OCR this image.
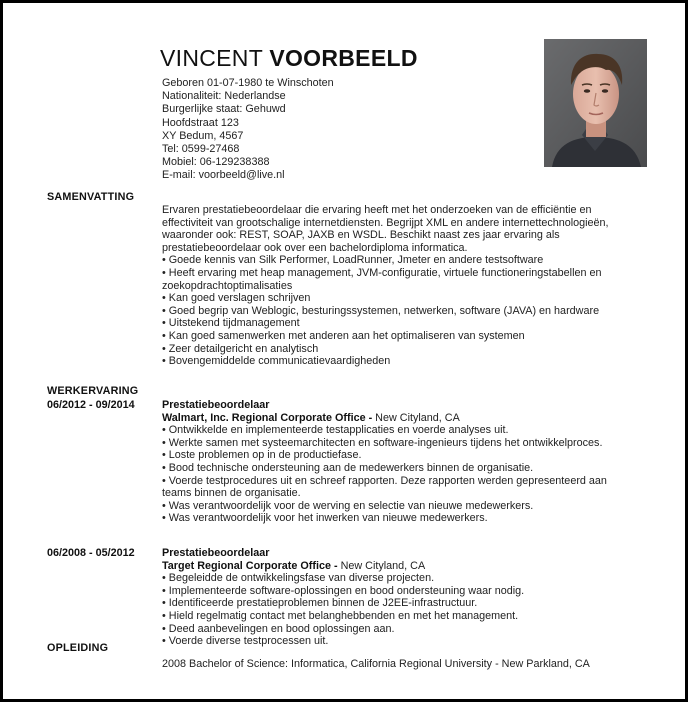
VINCENT VOORBEELD
Geboren 01-07-1980 te Winschoten
Nationaliteit: Nederlandse
Burgerlijke staat: Gehuwd
Hoofdstraat 123
XY Bedum, 4567
Tel: 0599-27468
Mobiel: 06-129238388
E-mail: voorbeeld@live.nl
SAMENVATTING

Ervaren prestatiebeoordelaar die ervaring heeft met het onderzoeken van de efficiëntie en effectiviteit van grootschalige internetdiensten. Begrijpt XML en andere internettechnologieën, waaronder ook: REST, SOAP, JAXB en WSDL. Beschikt naast zes jaar ervaring als prestatiebeoordelaar ook over een bachelordiploma informatica.

• Goede kennis van Silk Performer, LoadRunner, Jmeter en andere testsoftware
• Heeft ervaring met heap management, JVM-configuratie, virtuele functioneringstabellen en zoekopdrachtoptimalisaties
• Kan goed verslagen schrijven
• Goed begrip van Weblogic, besturingssystemen, netwerken, software (JAVA) en hardware
• Uitstekend tijdmanagement
• Kan goed samenwerken met anderen aan het optimaliseren van systemen
• Zeer detailgericht en analytisch
• Bovengemiddelde communicatievaardigheden
WERKERVARING
06/2012 - 09/2014	Prestatiebeoordelaar
Walmart, Inc. Regional Corporate Office - New Cityland, CA
• Ontwikkelde en implementeerde testapplicaties en voerde analyses uit.
• Werkte samen met systeemarchitecten en software-ingenieurs tijdens het ontwikkelproces.
• Loste problemen op in de productiefase.
• Bood technische ondersteuning aan de medewerkers binnen de organisatie.
• Voerde testprocedures uit en schreef rapporten. Deze rapporten werden gepresenteerd aan teams binnen de organisatie.
• Was verantwoordelijk voor de werving en selectie van nieuwe medewerkers.
• Was verantwoordelijk voor het inwerken van nieuwe medewerkers.
06/2008 - 05/2012	Prestatiebeoordelaar
Target Regional Corporate Office - New Cityland, CA
• Begeleidde de ontwikkelingsfase van diverse projecten.
• Implementeerde software-oplossingen en bood ondersteuning waar nodig.
• Identificeerde prestatieproblemen binnen de J2EE-infrastructuur.
• Hield regelmatig contact met belanghebbenden en met het management.
• Deed aanbevelingen en bood oplossingen aan.
• Voerde diverse testprocessen uit.
OPLEIDING
2008 Bachelor of Science: Informatica, California Regional University - New Parkland, CA
